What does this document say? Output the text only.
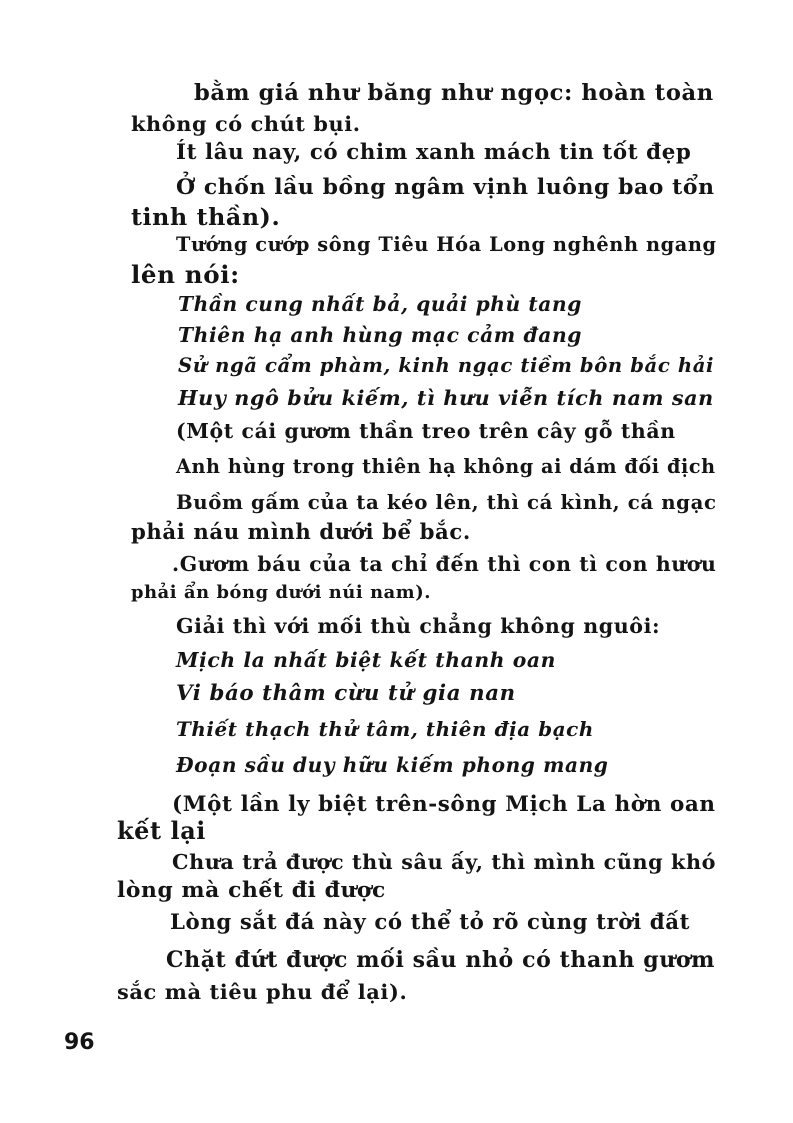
bằm giá như băng như ngọc: hoàn toàn
không có chút bụi.
Ít lâu nay, có chim xanh mách tin tốt đẹp
Ở chốn lầu bồng ngâm vịnh luông bao tổn
tinh thần).
Tướng cướp sông Tiêu Hóa Long nghênh ngang
lên nói:
Thần cung nhất bả, quải phù tang
Thiên hạ anh hùng mạc cảm đang
Sử ngã cẩm phàm, kinh ngạc tiềm bôn bắc hải
Huy ngô bửu kiếm, tì hưu viễn tích nam san
(Một cái gươm thần treo trên cây gỗ thần
Anh hùng trong thiên hạ không ai dám đối địch
Buồm gấm của ta kéo lên, thì cá kình, cá ngạc
phải náu mình dưới bể bắc.
.Gươm báu của ta chỉ đến thì con tì con hươu
phải ẩn bóng dưới núi nam).
Giải thì với mối thù chẳng không nguôi:
Mịch la nhất biệt kết thanh oan
Vi báo thâm cừu tử gia nan
Thiết thạch thử tâm, thiên địa bạch
Đoạn sầu duy hữu kiếm phong mang
(Một lần ly biệt trên-sông Mịch La hờn oan
kết lại
Chưa trả được thù sâu ấy, thì mình cũng khó
lòng mà chết đi được
Lòng sắt đá này có thể tỏ rõ cùng trời đất
Chặt đứt được mối sầu nhỏ có thanh gươm
sắc mà tiêu phu để lại).
96
